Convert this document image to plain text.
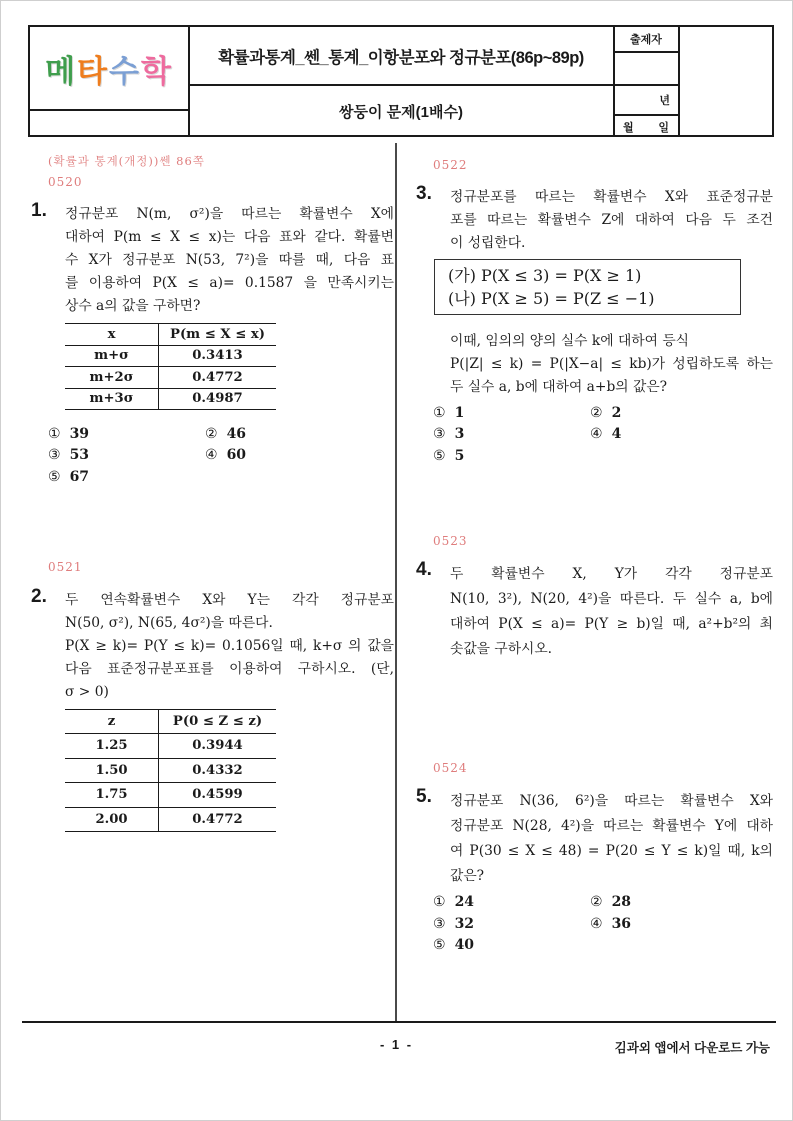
메타수학	확률과통계_쎈_통계_이항분포와 정규분포(86p~89p)
쌍둥이 문제(1배수)
출제자
년
월 일
(확률과 통계(개정))쎈 86쪽
0520
1. 정규분포 N(m, σ²)을 따르는 확률변수 X에
대하여 P(m ≤ X ≤ x)는 다음 표와 같다. 확률변
수 X가 정규분포 N(53, 7²)을 따를 때, 다음 표
를 이용하여 P(X ≤ a)= 0.1587 을 만족시키는
상수 a의 값을 구하면?
x	P(m ≤ X ≤ x)
m+σ	0.3413
m+2σ	0.4772
m+3σ	0.4987
① 39	② 46
③ 53	④ 60
⑤ 67
0521
2. 두 연속확률변수 X와 Y는 각각 정규분포
N(50, σ²), N(65, 4σ²)을 따른다.
P(X ≥ k)= P(Y ≤ k)= 0.1056일 때, k+σ 의 값을
다음 표준정규분포표를 이용하여 구하시오. (단,
σ > 0)
z	P(0 ≤ Z ≤ z)
1.25	0.3944
1.50	0.4332
1.75	0.4599
2.00	0.4772
0522
3. 정규분포를 따르는 확률변수 X와 표준정규분
포를 따르는 확률변수 Z에 대하여 다음 두 조건
이 성립한다.
(가) P(X ≤ 3) = P(X ≥ 1)
(나) P(X ≥ 5) = P(Z ≤ −1)
이때, 임의의 양의 실수 k에 대하여 등식
P(|Z| ≤ k) = P(|X−a| ≤ kb)가 성립하도록 하는
두 실수 a, b에 대하여 a+b의 값은?
① 1	② 2
③ 3	④ 4
⑤ 5
0523
4. 두 확률변수 X, Y가 각각 정규분포
N(10, 3²), N(20, 4²)을 따른다. 두 실수 a, b에
대하여 P(X ≤ a)= P(Y ≥ b)일 때, a²+b²의 최
솟값을 구하시오.
0524
5. 정규분포 N(36, 6²)을 따르는 확률변수 X와
정규분포 N(28, 4²)을 따르는 확률변수 Y에 대하
여 P(30 ≤ X ≤ 48) = P(20 ≤ Y ≤ k)일 때, k의
값은?
① 24	② 28
③ 32	④ 36
⑤ 40
- 1 -	김과외 앱에서 다운로드 가능
